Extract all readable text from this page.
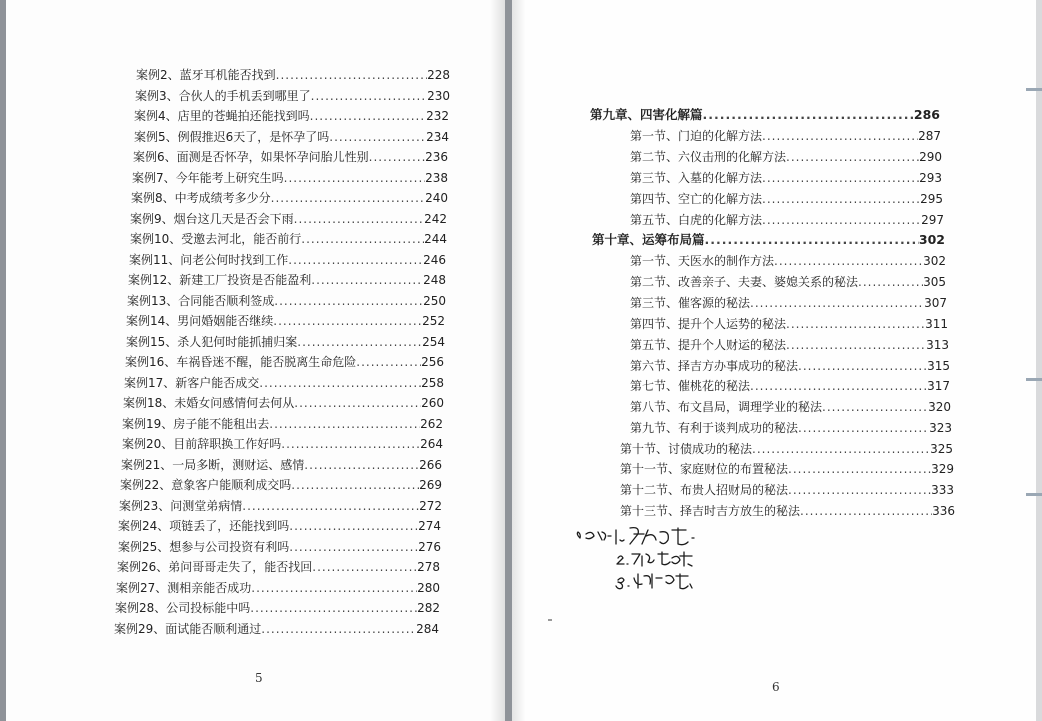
案例2、蓝牙耳机能否找到 .....	228
案例3、合伙人的手机丢到哪里了 .....	230
案例4、店里的苍蝇拍还能找到吗 .....	232
案例5、例假推迟6天了，是怀孕了吗 .....	234
案例6、面测是否怀孕，如果怀孕问胎儿性别 .....	236
案例7、今年能考上研究生吗 .....	238
案例8、中考成绩考多少分 .....	240
案例9、烟台这几天是否会下雨 .....	242
案例10、受邀去河北，能否前行 .....	244
案例11、问老公何时找到工作 .....	246
案例12、新建工厂投资是否能盈利 .....	248
案例13、合同能否顺利签成 .....	250
案例14、男问婚姻能否继续 .....	252
案例15、杀人犯何时能抓捕归案 .....	254
案例16、车祸昏迷不醒，能否脱离生命危险 .....	256
案例17、新客户能否成交 .....	258
案例18、未婚女问感情何去何从 .....	260
案例19、房子能不能租出去 .....	262
案例20、目前辞职换工作好吗 .....	264
案例21、一局多断，测财运、感情 .....	266
案例22、意象客户能顺利成交吗 .....	269
案例23、问测堂弟病情 .....	272
案例24、项链丢了，还能找到吗 .....	274
案例25、想参与公司投资有利吗 .....	276
案例26、弟问哥哥走失了，能否找回 .....	278
案例27、测相亲能否成功 .....	280
案例28、公司投标能中吗 .....	282
案例29、面试能否顺利通过 .....	284
第九章、四害化解篇 .....	286
第一节、门迫的化解方法 .....	287
第二节、六仪击刑的化解方法 .....	290
第三节、入墓的化解方法 .....	293
第四节、空亡的化解方法 .....	295
第五节、白虎的化解方法 .....	297
第十章、运筹布局篇 .....	302
第一节、天医水的制作方法 .....	302
第二节、改善亲子、夫妻、婆媳关系的秘法 .....	305
第三节、催客源的秘法 .....	307
第四节、提升个人运势的秘法 .....	311
第五节、提升个人财运的秘法 .....	313
第六节、择吉方办事成功的秘法 .....	315
第七节、催桃花的秘法 .....	317
第八节、布文昌局，调理学业的秘法 .....	320
第九节、有利于谈判成功的秘法 .....	323
第十节、讨债成功的秘法 .....	325
第十一节、家庭财位的布置秘法 .....	329
第十二节、布贵人招财局的秘法 .....	333
第十三节、择吉时吉方放生的秘法 .....	336
5
6
